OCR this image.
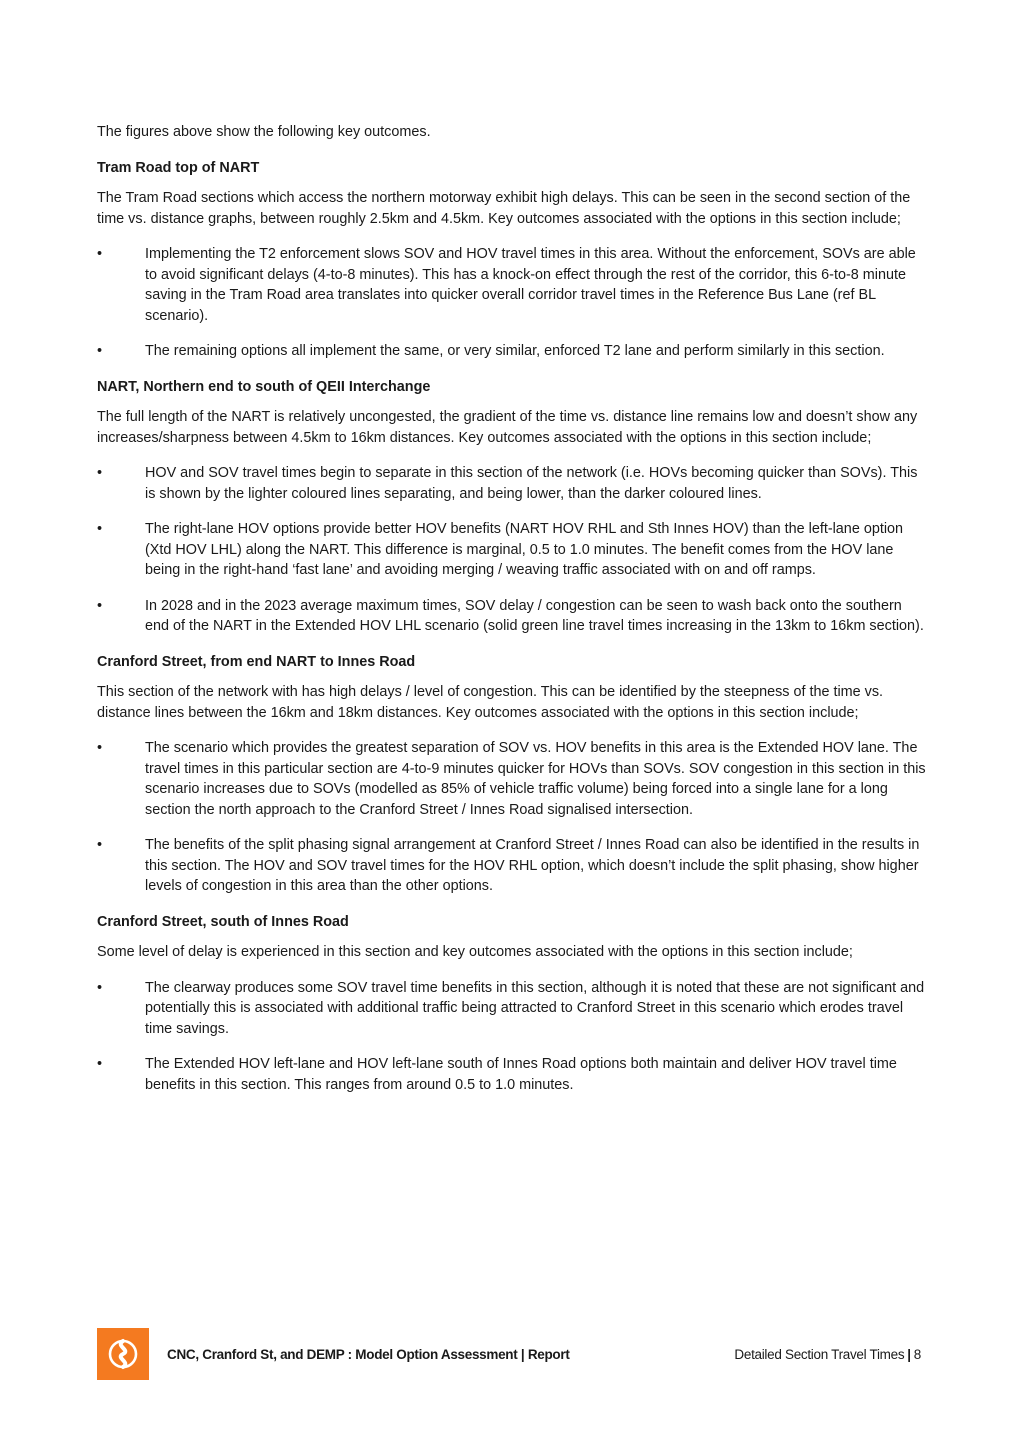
The figures above show the following key outcomes.

Tram Road top of NART

The Tram Road sections which access the northern motorway exhibit high delays. This can be seen in the second section of the time vs. distance graphs, between roughly 2.5km and 4.5km. Key outcomes associated with the options in this section include;

•	Implementing the T2 enforcement slows SOV and HOV travel times in this area. Without the enforcement, SOVs are able to avoid significant delays (4-to-8 minutes). This has a knock-on effect through the rest of the corridor, this 6-to-8 minute saving in the Tram Road area translates into quicker overall corridor travel times in the Reference Bus Lane (ref BL scenario).
•	The remaining options all implement the same, or very similar, enforced T2 lane and perform similarly in this section.
NART, Northern end to south of QEII Interchange

The full length of the NART is relatively uncongested, the gradient of the time vs. distance line remains low and doesn’t show any increases/sharpness between 4.5km to 16km distances. Key outcomes associated with the options in this section include;

•	HOV and SOV travel times begin to separate in this section of the network (i.e. HOVs becoming quicker than SOVs). This is shown by the lighter coloured lines separating, and being lower, than the darker coloured lines.
•	The right-lane HOV options provide better HOV benefits (NART HOV RHL and Sth Innes HOV) than the left-lane option (Xtd HOV LHL) along the NART. This difference is marginal, 0.5 to 1.0 minutes. The benefit comes from the HOV lane being in the right-hand ‘fast lane’ and avoiding merging / weaving traffic associated with on and off ramps.
•	In 2028 and in the 2023 average maximum times, SOV delay / congestion can be seen to wash back onto the southern end of the NART in the Extended HOV LHL scenario (solid green line travel times increasing in the 13km to 16km section).
Cranford Street, from end NART to Innes Road

This section of the network with has high delays / level of congestion. This can be identified by the steepness of the time vs. distance lines between the 16km and 18km distances. Key outcomes associated with the options in this section include;

•	The scenario which provides the greatest separation of SOV vs. HOV benefits in this area is the Extended HOV lane. The travel times in this particular section are 4-to-9 minutes quicker for HOVs than SOVs. SOV congestion in this section in this scenario increases due to SOVs (modelled as 85% of vehicle traffic volume) being forced into a single lane for a long section the north approach to the Cranford Street / Innes Road signalised intersection.
•	The benefits of the split phasing signal arrangement at Cranford Street / Innes Road can also be identified in the results in this section. The HOV and SOV travel times for the HOV RHL option, which doesn’t include the split phasing, show higher levels of congestion in this area than the other options.
Cranford Street, south of Innes Road

Some level of delay is experienced in this section and key outcomes associated with the options in this section include;

•	The clearway produces some SOV travel time benefits in this section, although it is noted that these are not significant and potentially this is associated with additional traffic being attracted to Cranford Street in this scenario which erodes travel time savings.
•	The Extended HOV left-lane and HOV left-lane south of Innes Road options both maintain and deliver HOV travel time benefits in this section. This ranges from around 0.5 to 1.0 minutes.
CNC, Cranford St, and DEMP : Model Option Assessment | Report	Detailed Section Travel Times | 8
